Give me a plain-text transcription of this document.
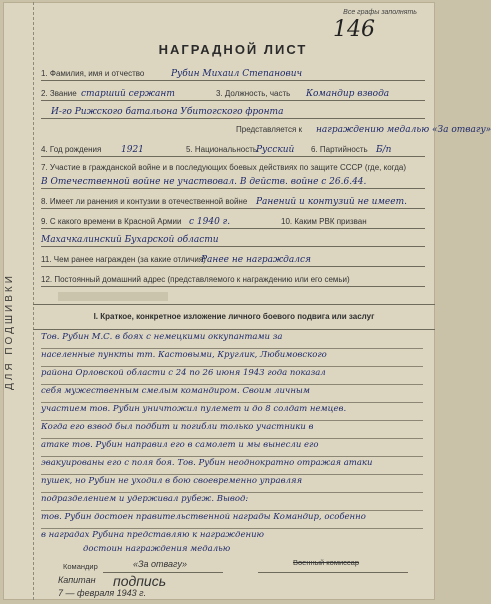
ДЛЯ ПОДШИВКИ
Все графы заполнять
146
НАГРАДНОЙ ЛИСТ
1. Фамилия, имя и отчество	Рубин Михаил Степанович
2. Звание старший сержант	3. Должность, часть Командир взвода
И-го Рижского батальона Убитогского фронта
Представляется к награждению медалью «За отвагу»
4. Год рождения 1921	5. Национальность
Русский 6. Партийность Б/п
7. Участие в гражданской войне и в последующих боевых действиях по защите СССР (где, когда)
В Отечественной войне не участвовал. В действ. войне с 26.6.44.
8. Имеет ли ранения и контузии в отечественной войне Ранений и контузий не имеет.
9. С какого времени в Красной Армии с 1940 г.	10. Каким РВК призван
Махачкалинский Бухарской области
11. Чем ранее награжден (за какие отличия)
Ранее не награждался
12. Постоянный домашний адрес (представляемого к награждению или его семьи)
I. Краткое, конкретное изложение личного боевого подвига или заслуг
Тов. Рубин М.С. в боях с немецкими оккупантами за
населенные пункты тт. Кастовыми, Круглик, Любимовского
района Орловской области с 24 по 26 июня 1943 года показал
себя мужественным смелым командиром. Своим личным
участием тов. Рубин уничтожил пулемет и до 8 солдат немцев.
Когда его взвод был подбит и погибли только участники в
атаке тов. Рубин направил его в самолет и мы вынесли его
эвакуированы его с поля боя. Тов. Рубин неоднократно отражая атаки
пушек, но Рубин не уходил в бою своевременно управляя
подразделением и удерживал рубеж. Вывод:
тов. Рубин достоен правительственной награды Командир, особенно
в наградах Рубина представляю к награждению
достоин награждения медалью
Командир	«За отвагу»	Военный комиссар
Капитан подпись
7 — февраля 1943 г.
